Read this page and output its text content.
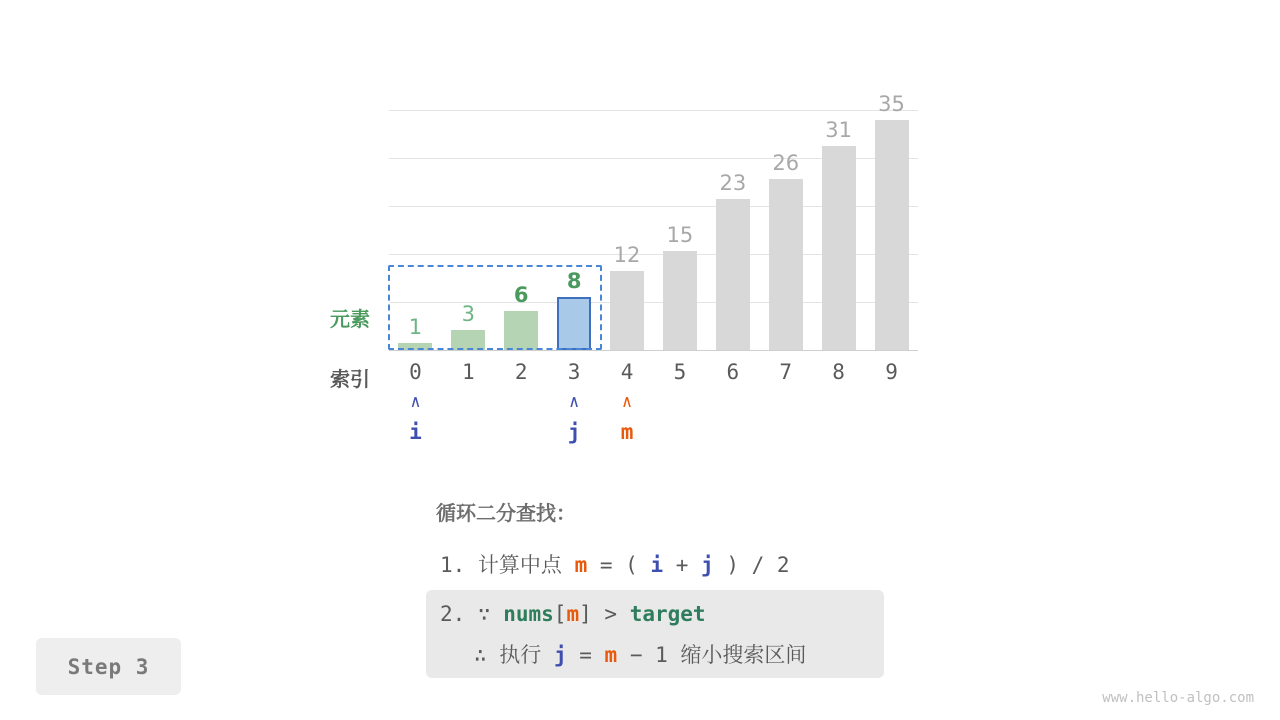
1
3
6
8
12
15
23
26
31
35
元素
索引	0	1	2	3	4	5	6	7	8	9
∧
i
∧
j
∧
m
循环二分查找：
1. 计算中点 m = ( i + j ) / 2
2. ∵ nums[m] > target
∴ 执行 j = m − 1 缩小搜索区间
Step 3
www.hello-algo.com
